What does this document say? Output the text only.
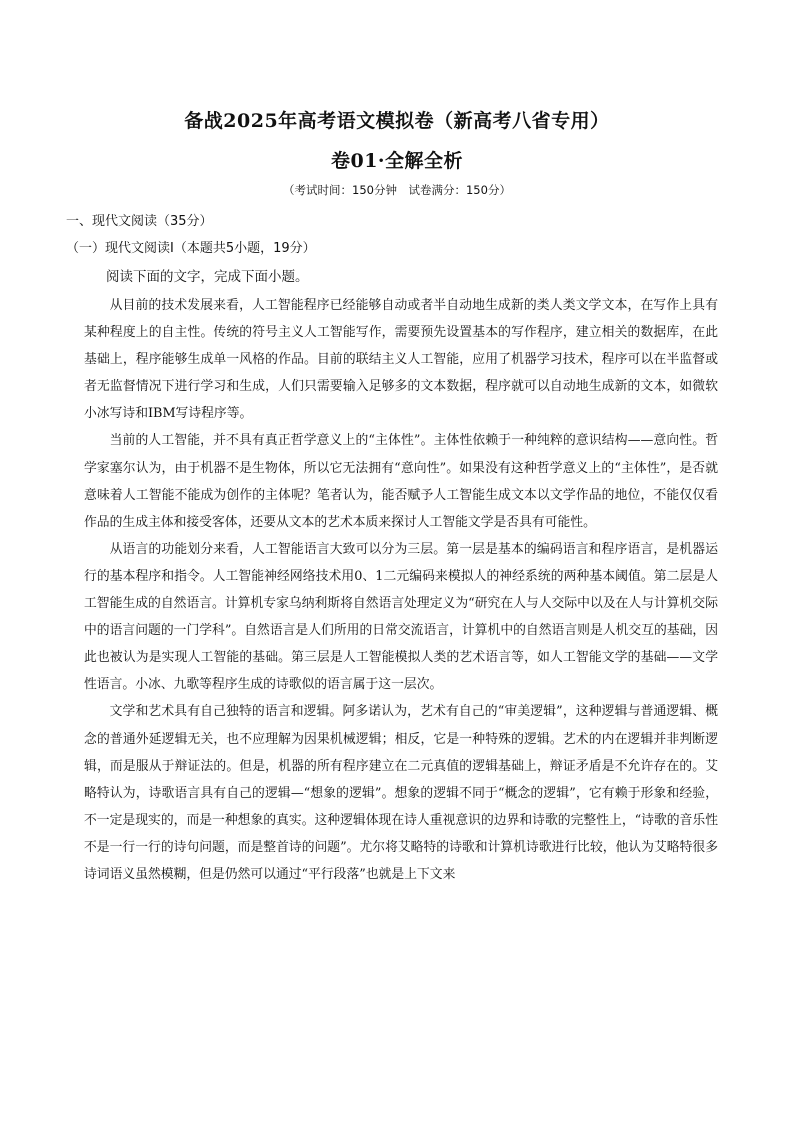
备战2025年高考语文模拟卷（新高考八省专用）
卷01·全解全析
（考试时间：150分钟　试卷满分：150分）
一、现代文阅读（35分）
（一）现代文阅读Ⅰ（本题共5小题，19分）
阅读下面的文字，完成下面小题。

从目前的技术发展来看，人工智能程序已经能够自动或者半自动地生成新的类人类文学文本，在写作上具有某种程度上的自主性。传统的符号主义人工智能写作，需要预先设置基本的写作程序，建立相关的数据库，在此基础上，程序能够生成单一风格的作品。目前的联结主义人工智能，应用了机器学习技术，程序可以在半监督或者无监督情况下进行学习和生成，人们只需要输入足够多的文本数据，程序就可以自动地生成新的文本，如微软小冰写诗和IBM写诗程序等。

当前的人工智能，并不具有真正哲学意义上的“主体性”。主体性依赖于一种纯粹的意识结构——意向性。哲学家塞尔认为，由于机器不是生物体，所以它无法拥有“意向性”。如果没有这种哲学意义上的“主体性”，是否就意味着人工智能不能成为创作的主体呢？笔者认为，能否赋予人工智能生成文本以文学作品的地位，不能仅仅看作品的生成主体和接受客体，还要从文本的艺术本质来探讨人工智能文学是否具有可能性。

从语言的功能划分来看，人工智能语言大致可以分为三层。第一层是基本的编码语言和程序语言，是机器运行的基本程序和指令。人工智能神经网络技术用0、1二元编码来模拟人的神经系统的两种基本阈值。第二层是人工智能生成的自然语言。计算机专家乌纳利斯将自然语言处理定义为“研究在人与人交际中以及在人与计算机交际中的语言问题的一门学科”。自然语言是人们所用的日常交流语言，计算机中的自然语言则是人机交互的基础，因此也被认为是实现人工智能的基础。第三层是人工智能模拟人类的艺术语言等，如人工智能文学的基础——文学性语言。小冰、九歌等程序生成的诗歌似的语言属于这一层次。

文学和艺术具有自己独特的语言和逻辑。阿多诺认为，艺术有自己的“审美逻辑”，这种逻辑与普通逻辑、概念的普通外延逻辑无关，也不应理解为因果机械逻辑；相反，它是一种特殊的逻辑。艺术的内在逻辑并非判断逻辑，而是服从于辩证法的。但是，机器的所有程序建立在二元真值的逻辑基础上，辩证矛盾是不允许存在的。艾略特认为，诗歌语言具有自己的逻辑—“想象的逻辑”。想象的逻辑不同于“概念的逻辑”，它有赖于形象和经验，不一定是现实的，而是一种想象的真实。这种逻辑体现在诗人重视意识的边界和诗歌的完整性上，“诗歌的音乐性不是一行一行的诗句问题，而是整首诗的问题”。尤尔将艾略特的诗歌和计算机诗歌进行比较，他认为艾略特很多诗词语义虽然模糊，但是仍然可以通过“平行段落”也就是上下文来
